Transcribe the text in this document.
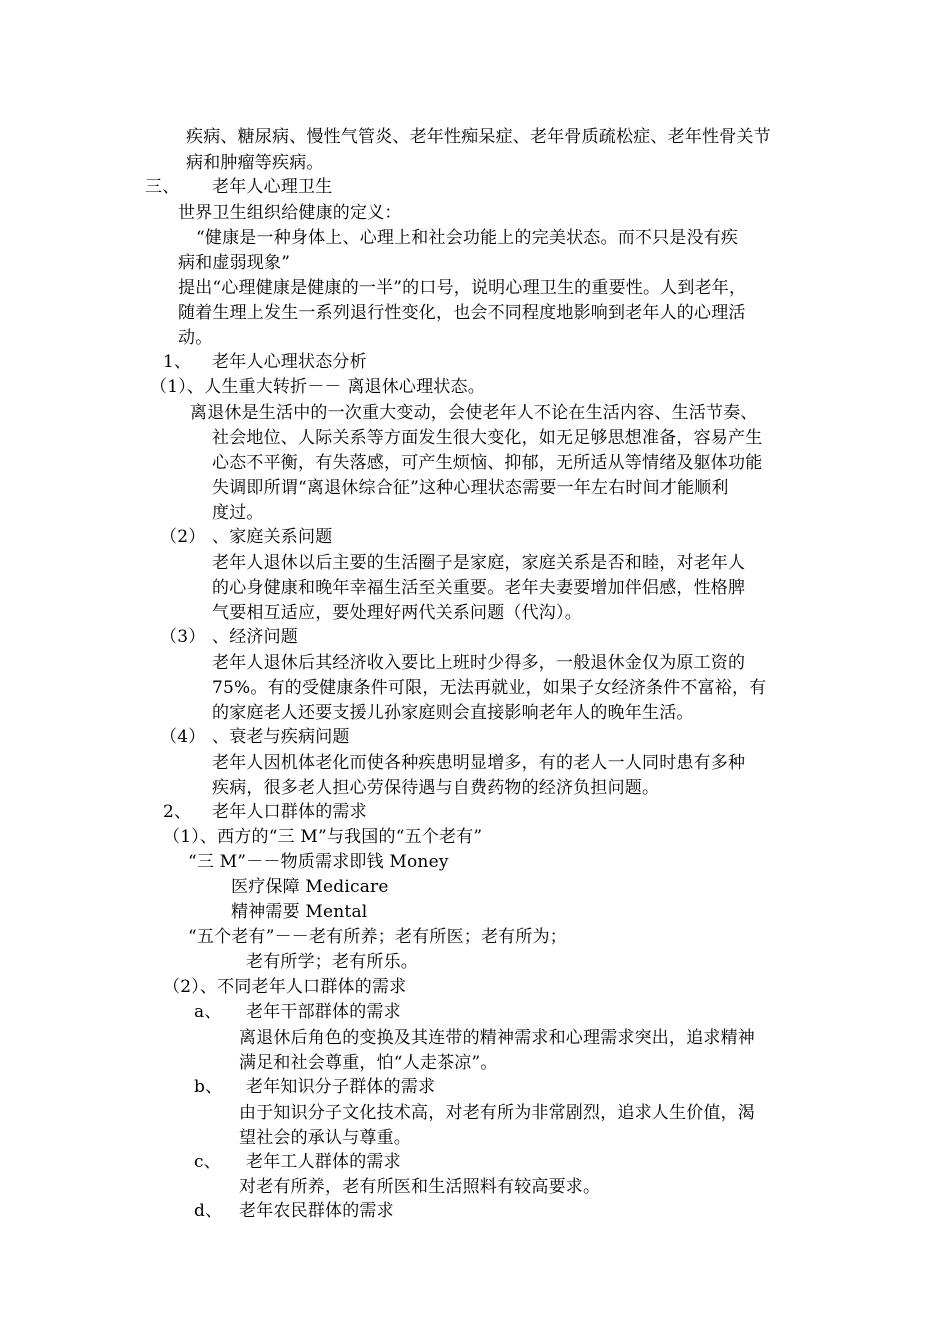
疾病、糖尿病、慢性气管炎、老年性痴呆症、老年骨质疏松症、老年性骨关节
病和肿瘤等疾病。
三、 老年人心理卫生
世界卫生组织给健康的定义：
“健康是一种身体上、心理上和社会功能上的完美状态。而不只是没有疾
病和虚弱现象”
提出“心理健康是健康的一半”的口号，说明心理卫生的重要性。人到老年，
随着生理上发生一系列退行性变化，也会不同程度地影响到老年人的心理活
动。
1、 老年人心理状态分析
（1）、人生重大转折－－ 离退休心理状态。
离退休是生活中的一次重大变动，会使老年人不论在生活内容、生活节奏、
社会地位、人际关系等方面发生很大变化，如无足够思想准备，容易产生
心态不平衡，有失落感，可产生烦恼、抑郁，无所适从等情绪及躯体功能
失调即所谓“离退休综合征”这种心理状态需要一年左右时间才能顺利
度过。
（2） 、家庭关系问题
老年人退休以后主要的生活圈子是家庭，家庭关系是否和睦，对老年人
的心身健康和晚年幸福生活至关重要。老年夫妻要增加伴侣感，性格脾
气要相互适应，要处理好两代关系问题（代沟）。
（3） 、经济问题
老年人退休后其经济收入要比上班时少得多，一般退休金仅为原工资的
75%。有的受健康条件可限，无法再就业，如果子女经济条件不富裕，有
的家庭老人还要支援儿孙家庭则会直接影响老年人的晚年生活。
（4） 、衰老与疾病问题
老年人因机体老化而使各种疾患明显增多，有的老人一人同时患有多种
疾病，很多老人担心劳保待遇与自费药物的经济负担问题。
2、 老年人口群体的需求
（1）、西方的“三 M”与我国的“五个老有”
“三 M”－－物质需求即钱 Money
医疗保障 Medicare
精神需要 Mental
“五个老有”－－老有所养；老有所医；老有所为；
老有所学；老有所乐。
（2）、不同老年人口群体的需求
a、 老年干部群体的需求
离退休后角色的变换及其连带的精神需求和心理需求突出，追求精神
满足和社会尊重，怕“人走茶凉”。
b、 老年知识分子群体的需求
由于知识分子文化技术高，对老有所为非常剧烈，追求人生价值，渴
望社会的承认与尊重。
c、 老年工人群体的需求
对老有所养，老有所医和生活照料有较高要求。
d、 老年农民群体的需求
